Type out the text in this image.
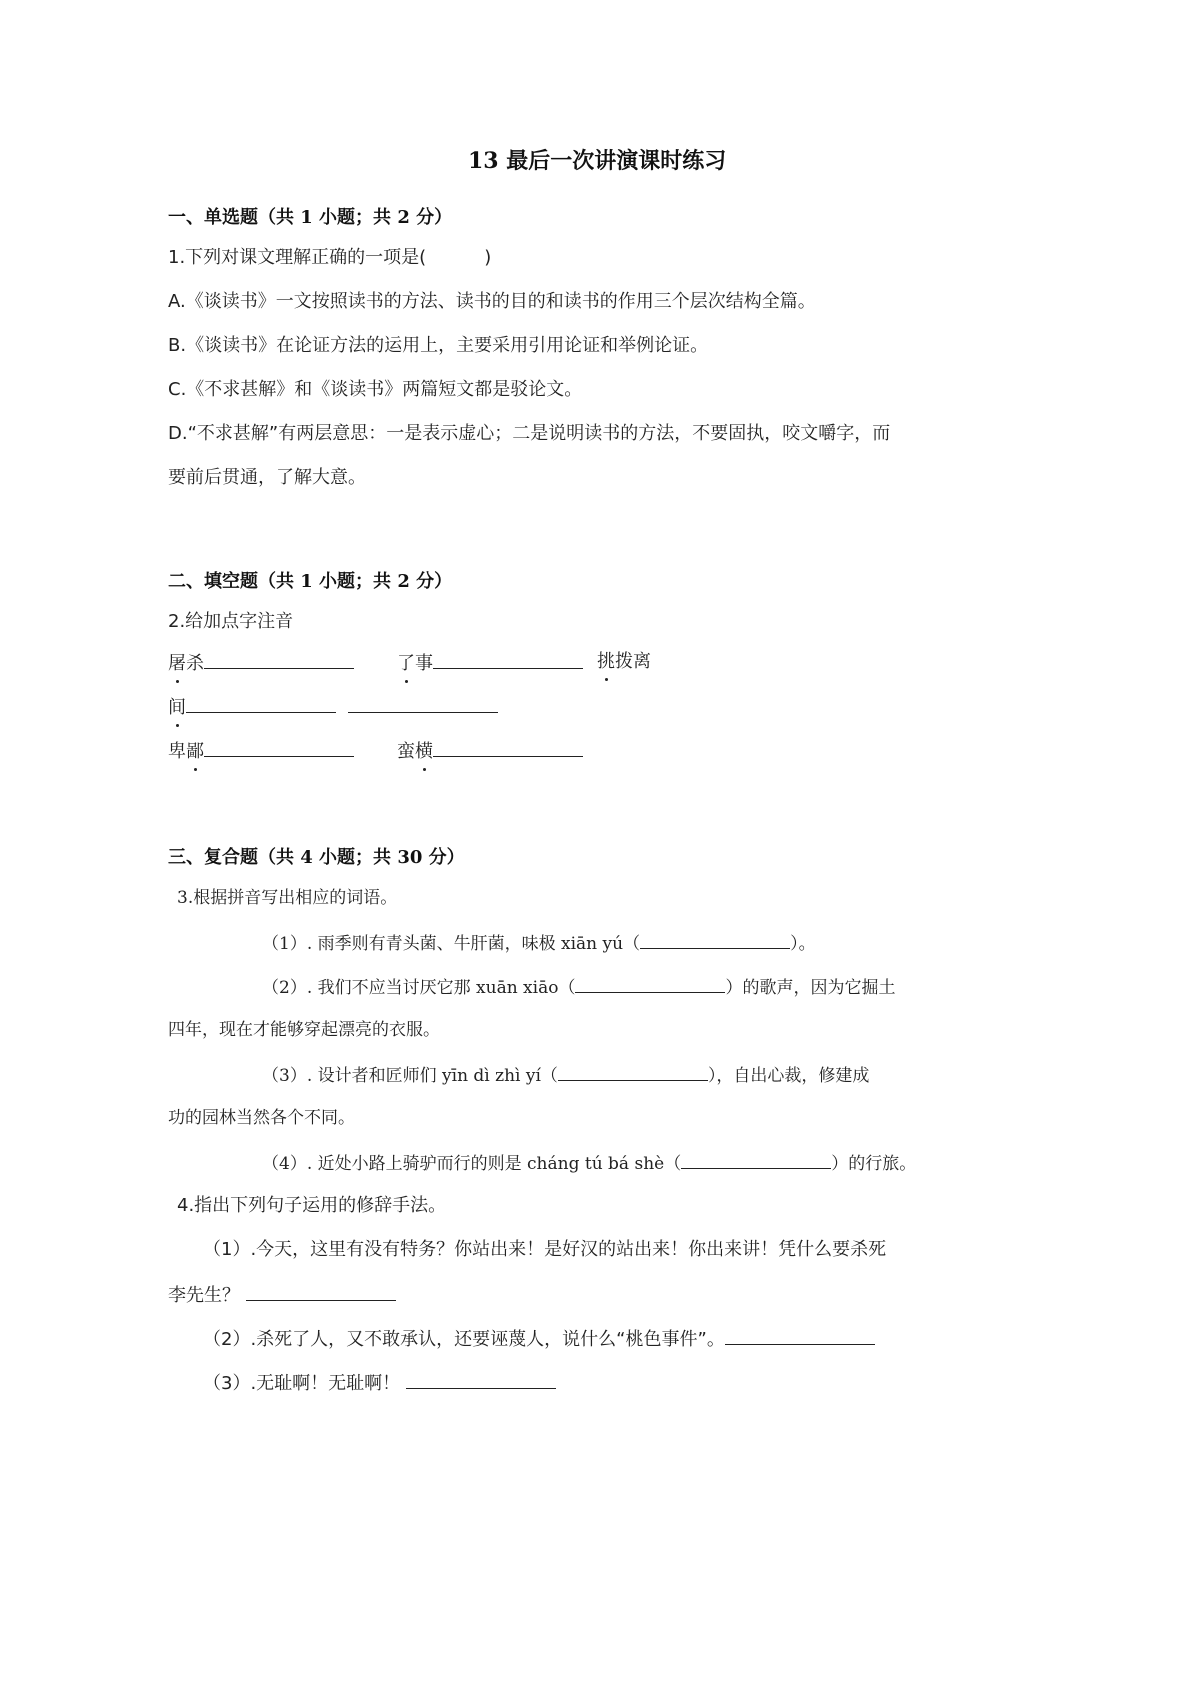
13 最后一次讲演课时练习
一、单选题（共 1 小题；共 2 分）
1.下列对课文理解正确的一项是(	)
A.《谈读书》一文按照读书的方法、读书的目的和读书的作用三个层次结构全篇。
B.《谈读书》在论证方法的运用上，主要采用引用论证和举例论证。
C.《不求甚解》和《谈读书》两篇短文都是驳论文。
D.“不求甚解”有两层意思：一是表示虚心；二是说明读书的方法，不要固执，咬文嚼字，而
要前后贯通，了解大意。
二、填空题（共 1 小题；共 2 分）
2.给加点字注音
屠杀	了事	挑拨离
间
卑鄙	蛮横
三、复合题（共 4 小题；共 30 分）
3.根据拼音写出相应的词语。
（1）. 雨季则有青头菌、牛肝菌，味极 xiān yú（	）。
（2）. 我们不应当讨厌它那 xuān xiāo（	）的歌声，因为它掘土
四年，现在才能够穿起漂亮的衣服。
（3）. 设计者和匠师们 yīn dì zhì yí（	），自出心裁，修建成
功的园林当然各个不同。
（4）. 近处小路上骑驴而行的则是 cháng tú bá shè（	）的行旅。
4.指出下列句子运用的修辞手法。
（1）.今天，这里有没有特务？你站出来！是好汉的站出来！你出来讲！凭什么要杀死
李先生？
（2）.杀死了人，又不敢承认，还要诬蔑人，说什么“桃色事件”。
（3）.无耻啊！无耻啊！
